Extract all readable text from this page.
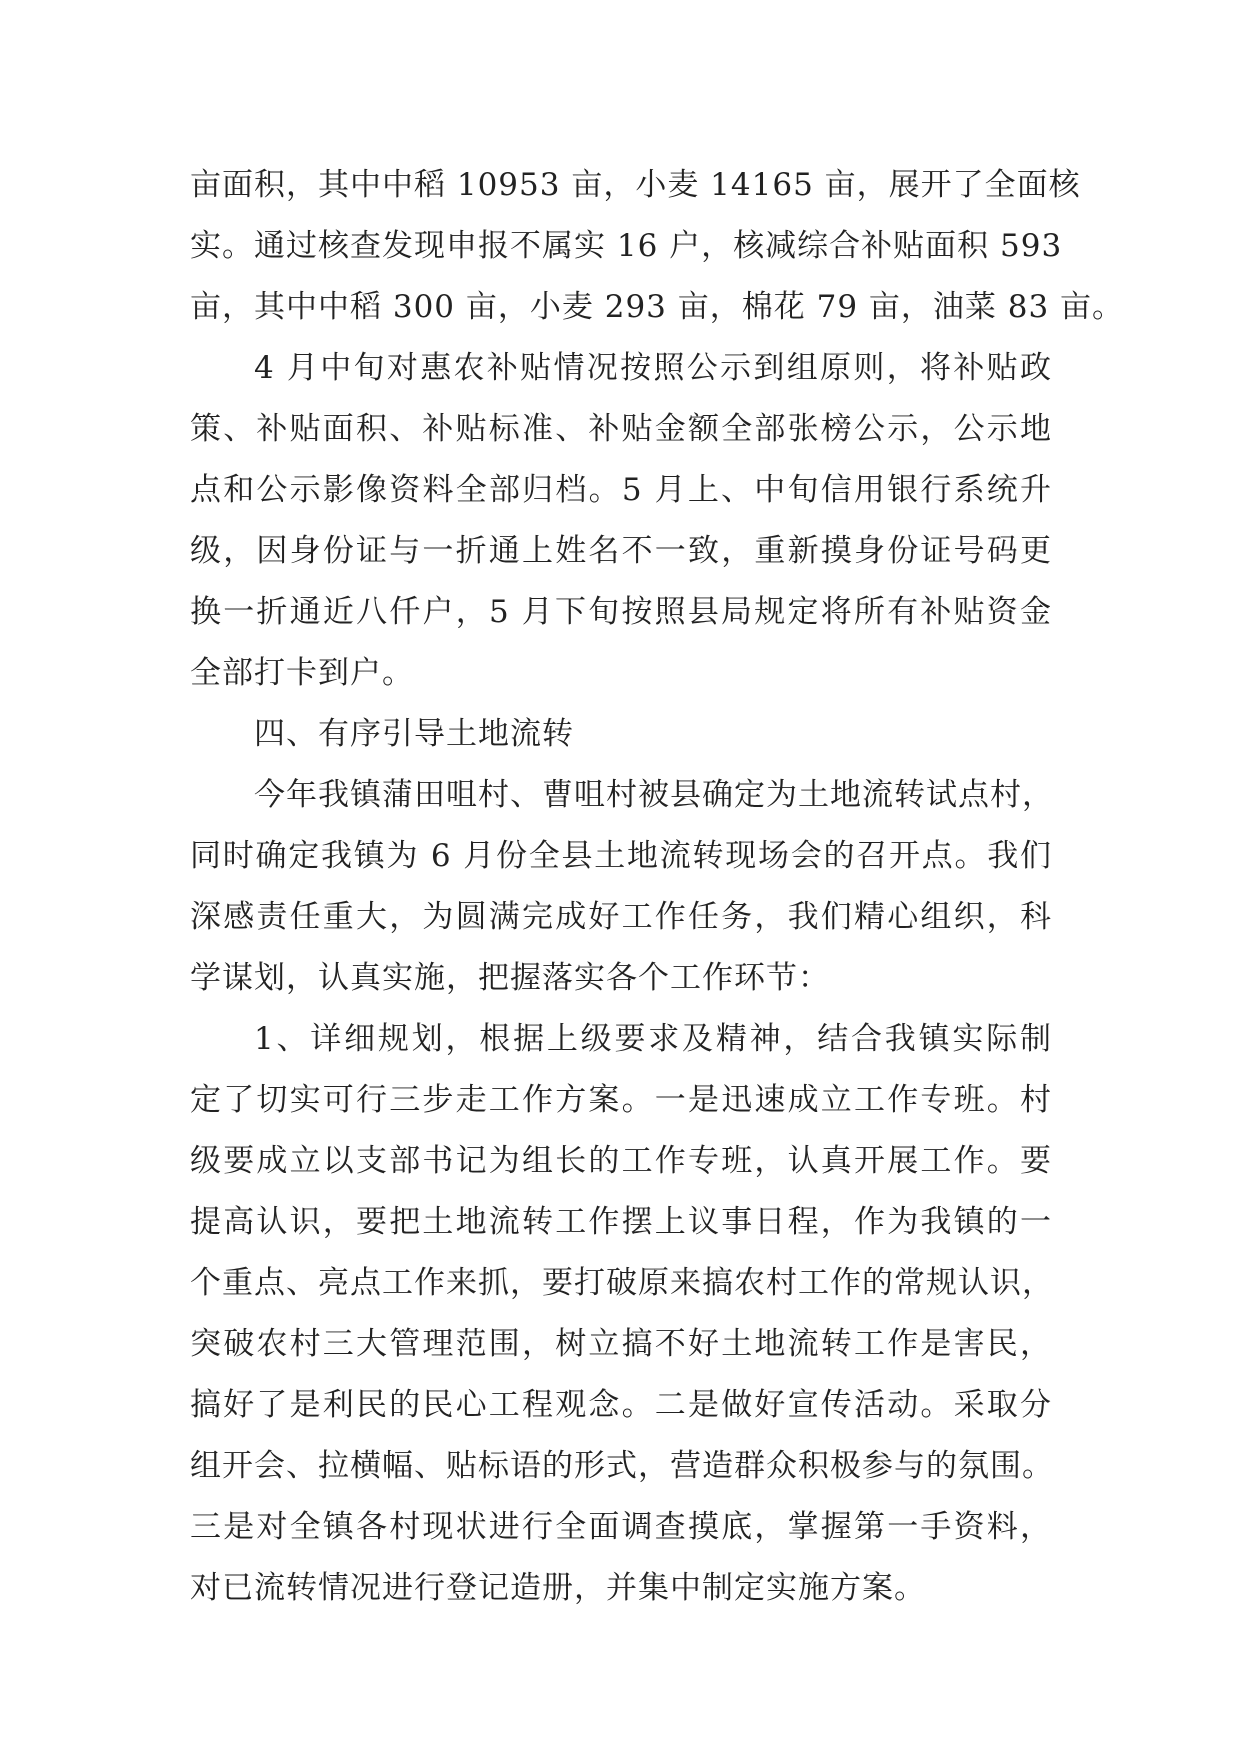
亩面积，其中中稻 10953 亩，小麦 14165 亩，展开了全面核
实。通过核查发现申报不属实 16 户，核减综合补贴面积 593
亩，其中中稻 300 亩，小麦 293 亩，棉花 79 亩，油菜 83 亩。
4 月中旬对惠农补贴情况按照公示到组原则，将补贴政
策、补贴面积、补贴标准、补贴金额全部张榜公示，公示地
点和公示影像资料全部归档。5 月上、中旬信用银行系统升
级，因身份证与一折通上姓名不一致，重新摸身份证号码更
换一折通近八仟户，5 月下旬按照县局规定将所有补贴资金
全部打卡到户。
四、有序引导土地流转
今年我镇蒲田咀村、曹咀村被县确定为土地流转试点村，
同时确定我镇为 6 月份全县土地流转现场会的召开点。我们
深感责任重大，为圆满完成好工作任务，我们精心组织，科
学谋划，认真实施，把握落实各个工作环节：
1、详细规划，根据上级要求及精神，结合我镇实际制
定了切实可行三步走工作方案。一是迅速成立工作专班。村
级要成立以支部书记为组长的工作专班，认真开展工作。要
提高认识，要把土地流转工作摆上议事日程，作为我镇的一
个重点、亮点工作来抓，要打破原来搞农村工作的常规认识，
突破农村三大管理范围，树立搞不好土地流转工作是害民，
搞好了是利民的民心工程观念。二是做好宣传活动。采取分
组开会、拉横幅、贴标语的形式，营造群众积极参与的氛围。
三是对全镇各村现状进行全面调查摸底，掌握第一手资料，
对已流转情况进行登记造册，并集中制定实施方案。
